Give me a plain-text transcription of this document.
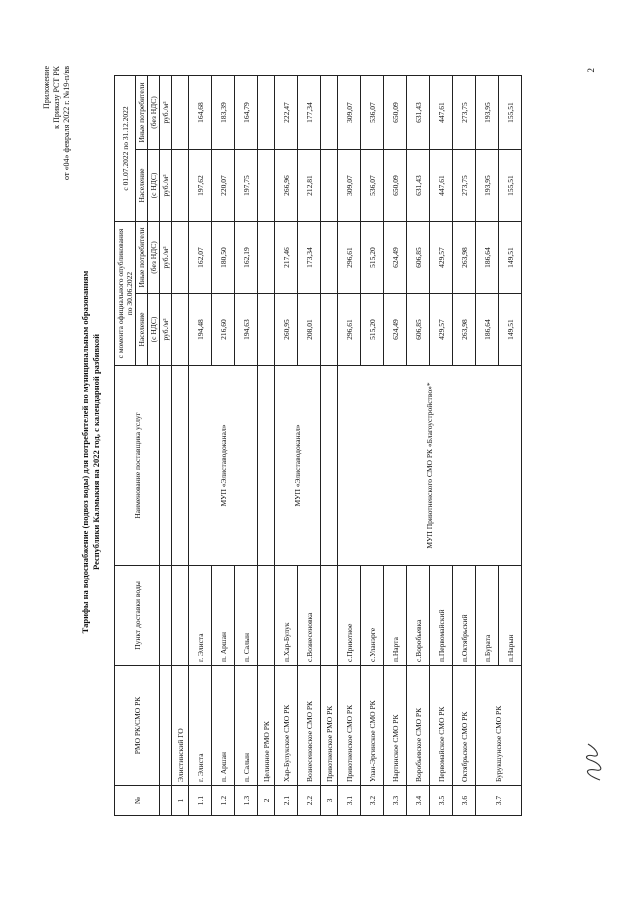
Приложение к Приказу РСТ РК от «04» февраля 2022 г. №19-п/вв
Тарифы на водоснабжение (подвоз воды) для потребителей по муниципальным образованиям Республики Калмыкия на 2022 год, с календарной разбивкой
№	РМО РК/СМО РК	Пункт доставки воды	Наименование поставщика услуг	с момента официального опубликования по 30.06.2022		с 01.07.2022 по 31.12.2022	
				Население	Иные потребители	Население	Иные потребители
				(с НДС)	(без НДС)	(с НДС)	(без НДС)
				руб./м³	руб./м³	руб./м³	руб./м³
1	Элистинский ГО						
1.1	г. Элиста	г. Элиста	МУП «Элиставодоканал»	194,48	162,07	197,62	164,68
1.2	п. Аршан	п. Аршан		216,60	180,50	220,07	183,39
1.3	п. Салын	п. Салын		194,63	162,19	197,75	164,79
2	Целинное РМО РК						
2.1	Хар-Булукское СМО РК	п.Хар-Булук	МУП «Элиставодоканал»	260,95	217,46	266,96	222,47
2.2	Вознесеновское СМО РК	с.Вознесеновка		208,01	173,34	212,81	177,34
3	Приютненское РМО РК						
3.1	Приютненское СМО РК	с.Приютное	МУП Приютненского СМО РК «Благоустройство»*	296,61	296,61	309,07	309,07
3.2	Улан-Эргинское СМО РК	с.Уланэрге		515,20	515,20	536,07	536,07
3.3	Нартинское СМО РК	п.Нарта		624,49	624,49	650,09	650,09
3.4	Воробьевское СМО РК	с.Воробьевка		606,85	606,85	631,43	631,43
3.5	Первомайское СМО РК	п.Первомайский		429,57	429,57	447,61	447,61
3.6	Октябрьское СМО РК	п.Октябрьский		263,98	263,98	273,75	273,75
3.7	Бурукшунское СМО РК	п.Бурата		186,64	186,64	193,95	193,95
		п.Нарын		149,51	149,51	155,51	155,51
2
